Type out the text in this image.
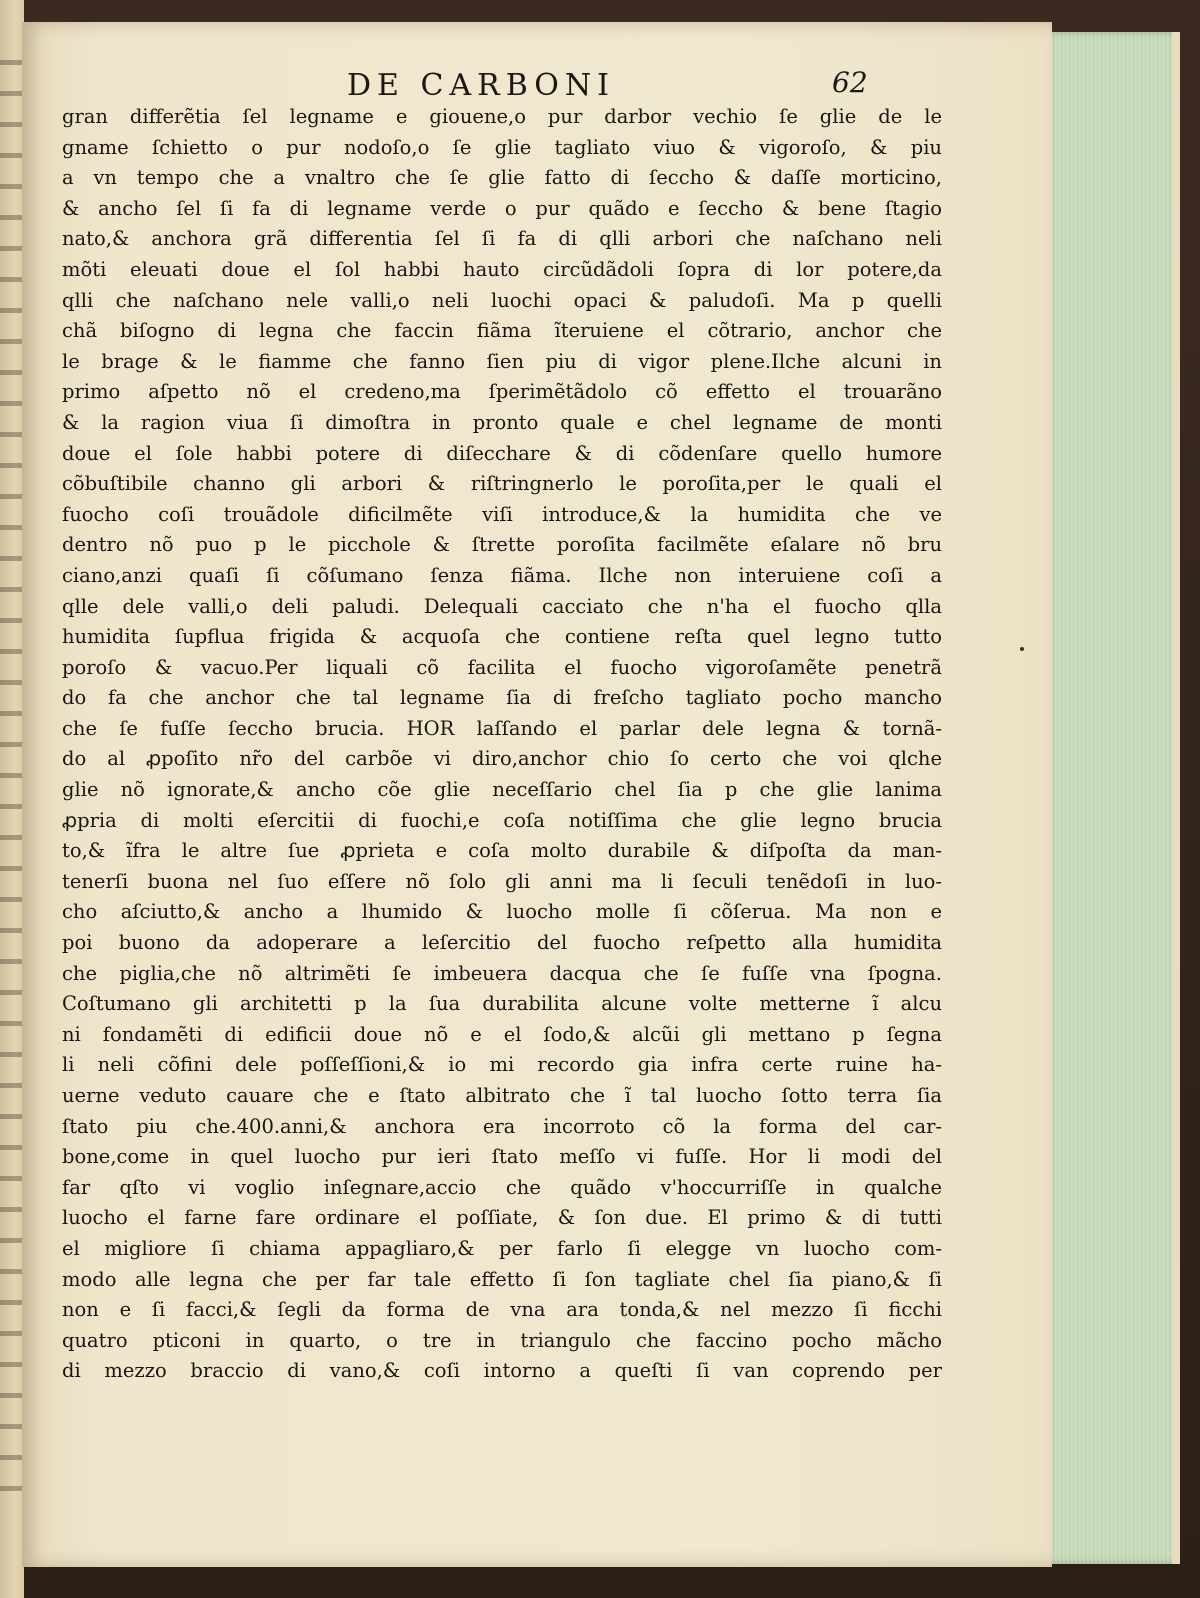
DE CARBONI	62
gran differẽtia ſel legname e giouene,o pur darbor vechio ſe glie de le
gname ſchietto o pur nodoſo,o ſe glie tagliato viuo & vigoroſo, & piu
a vn tempo che a vnaltro che ſe glie fatto di ſeccho & daſſe morticino,
& ancho ſel ſi fa di legname verde o pur quãdo e ſeccho & bene ſtagio
nato,& anchora grã differentia ſel ſi fa di qlli arbori che naſchano neli
mõti eleuati doue el ſol habbi hauto circũdãdoli ſopra di lor potere,da
qlli che naſchano nele valli,o neli luochi opaci & paludoſi. Ma p quelli
chã biſogno di legna che faccin fiãma ĩteruiene el cõtrario, anchor che
le brage & le fiamme che fanno ſien piu di vigor plene.Ilche alcuni in
primo aſpetto nõ el credeno,ma ſperimẽtãdolo cõ effetto el trouarãno
& la ragion viua ſi dimoſtra in pronto quale e chel legname de monti
doue el ſole habbi potere di diſecchare & di cõdenſare quello humore
cõbuſtibile channo gli arbori & riſtringnerlo le poroſita,per le quali el
fuocho coſi trouãdole dificilmẽte viſi introduce,& la humidita che ve
dentro nõ puo p le picchole & ſtrette poroſita facilmẽte eſalare nõ bru
ciano,anzi quaſi ſi cõſumano ſenza fiãma. Ilche non interuiene coſi a
qlle dele valli,o deli paludi. Delequali cacciato che n'ha el fuocho qlla
humidita ſupflua frigida & acquoſa che contiene reſta quel legno tutto
poroſo & vacuo.Per liquali cõ facilita el fuocho vigoroſamẽte penetrã
do fa che anchor che tal legname ſia di freſcho tagliato pocho mancho
che ſe fuſſe ſecchо brucia. HOR laſſando el parlar dele legna & tornã-
do al ꝓpoſito nr̃o del carbõe vi diro,anchor chio ſo certo che voi qlche
glie nõ ignorate,& ancho cõe glie neceſſario chel ſia p che glie lanima
ꝓpria di molti eſercitii di fuochi,e coſa notiſſima che glie legno brucia
to,& ĩfra le altre ſue ꝓprieta e coſa molto durabile & diſpoſta da man-
tenerſi buona nel ſuo eſſere nõ ſolo gli anni ma li ſeculi tenẽdoſi in luo-
cho aſciutto,& ancho a lhumido & luocho molle ſi cõſerua. Ma non e
poi buono da adoperare a leſercitio del fuocho reſpetto alla humidita
che piglia,che nõ altrimẽti ſe imbeuera dacqua che ſe fuſſe vna ſpogna.
Coſtumano gli architetti p la ſua durabilita alcune volte metterne ĩ alcu
ni fondamẽti di edificii doue nõ e el ſodo,& alcũi gli mettano p ſegna
li neli cõfini dele poſſeſſioni,& io mi recordo gia infra certe ruine ha-
uerne veduto cauare che e ſtato albitrato che ĩ tal luocho ſotto terra ſia
ſtato piu che.400.anni,& anchora era incorroto cõ la forma del car-
bone,come in quel luocho pur ieri ſtato meſſo vi fuſſe. Hor li modi del
far qſto vi voglio inſegnare,accio che quãdo v'hoccurriſſe in qualche
luocho el farne fare ordinare el poſſiate, & ſon due. El primo & di tutti
el migliore ſi chiama appagliaro,& per farlo ſi elegge vn luocho com-
modo alle legna che per far tale effetto ſi ſon tagliate chel ſia piano,& ſi
non e ſi facci,& ſegli da forma de vna ara tonda,& nel mezzo ſi ficchi
quatro pticoni in quarto, o tre in triangulo che faccino pocho mãcho
di mezzo braccio di vano,& coſi intorno a queſti ſi van coprendo per
